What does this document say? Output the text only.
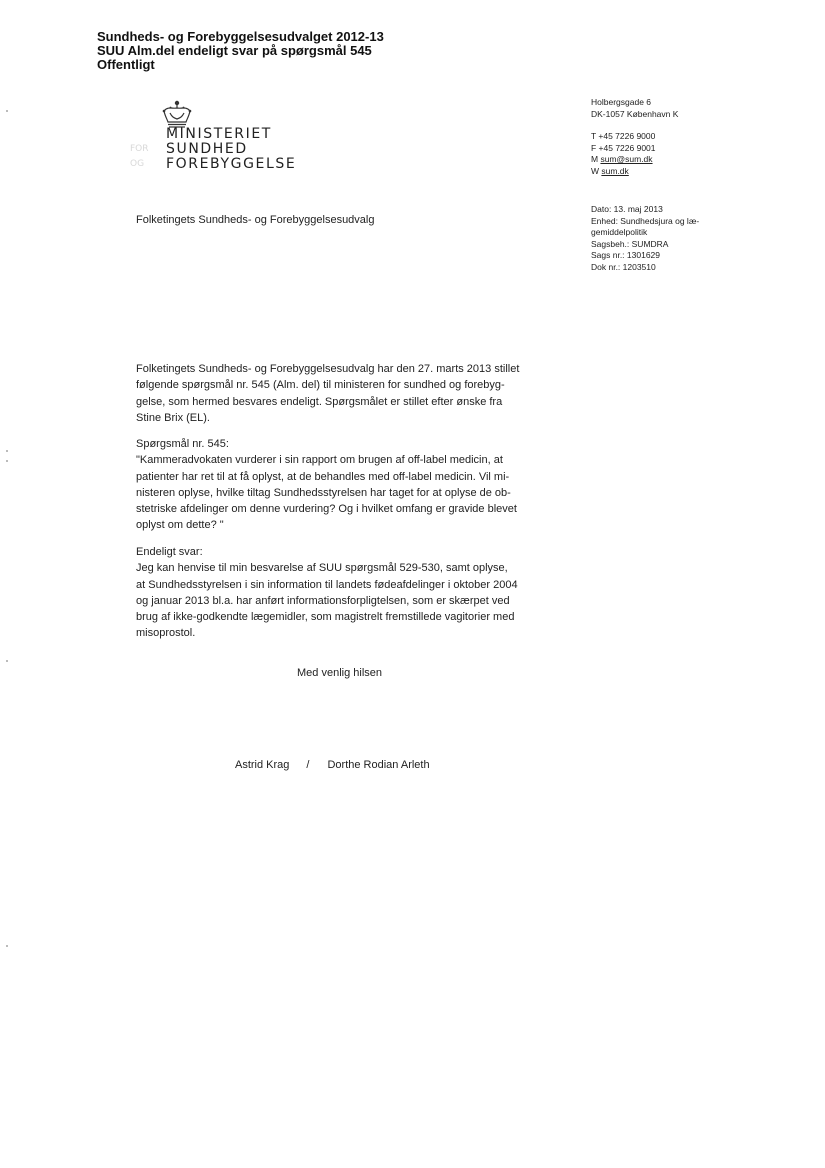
Sundheds- og Forebyggelsesudvalget 2012-13
SUU Alm.del endeligt svar på spørgsmål 545
Offentligt
FOR
OG
MINISTERIET
SUNDHED
FOREBYGGELSE
Holbergsgade 6
DK-1057 København K
T +45 7226 9000
F +45 7226 9001
M sum@sum.dk
W sum.dk
Dato: 13. maj 2013
Enhed: Sundhedsjura og læ-
gemiddelpolitik
Sagsbeh.: SUMDRA
Sags nr.: 1301629
Dok nr.: 1203510
Folketingets Sundheds- og Forebyggelsesudvalg
Folketingets Sundheds- og Forebyggelsesudvalg har den 27. marts 2013 stillet
følgende spørgsmål nr. 545 (Alm. del) til ministeren for sundhed og forebyg-
gelse, som hermed besvares endeligt. Spørgsmålet er stillet efter ønske fra
Stine Brix (EL).
Spørgsmål nr. 545:
"Kammeradvokaten vurderer i sin rapport om brugen af off-label medicin, at
patienter har ret til at få oplyst, at de behandles med off-label medicin. Vil mi-
nisteren oplyse, hvilke tiltag Sundhedsstyrelsen har taget for at oplyse de ob-
stetriske afdelinger om denne vurdering? Og i hvilket omfang er gravide blevet
oplyst om dette? "
Endeligt svar:
Jeg kan henvise til min besvarelse af SUU spørgsmål 529-530, samt oplyse,
at Sundhedsstyrelsen i sin information til landets fødeafdelinger i oktober 2004
og januar 2013 bl.a. har anført informationsforpligtelsen, som er skærpet ved
brug af ikke-godkendte lægemidler, som magistrelt fremstillede vagitorier med
misoprostol.
Med venlig hilsen
Astrid Krag / Dorthe Rodian Arleth
